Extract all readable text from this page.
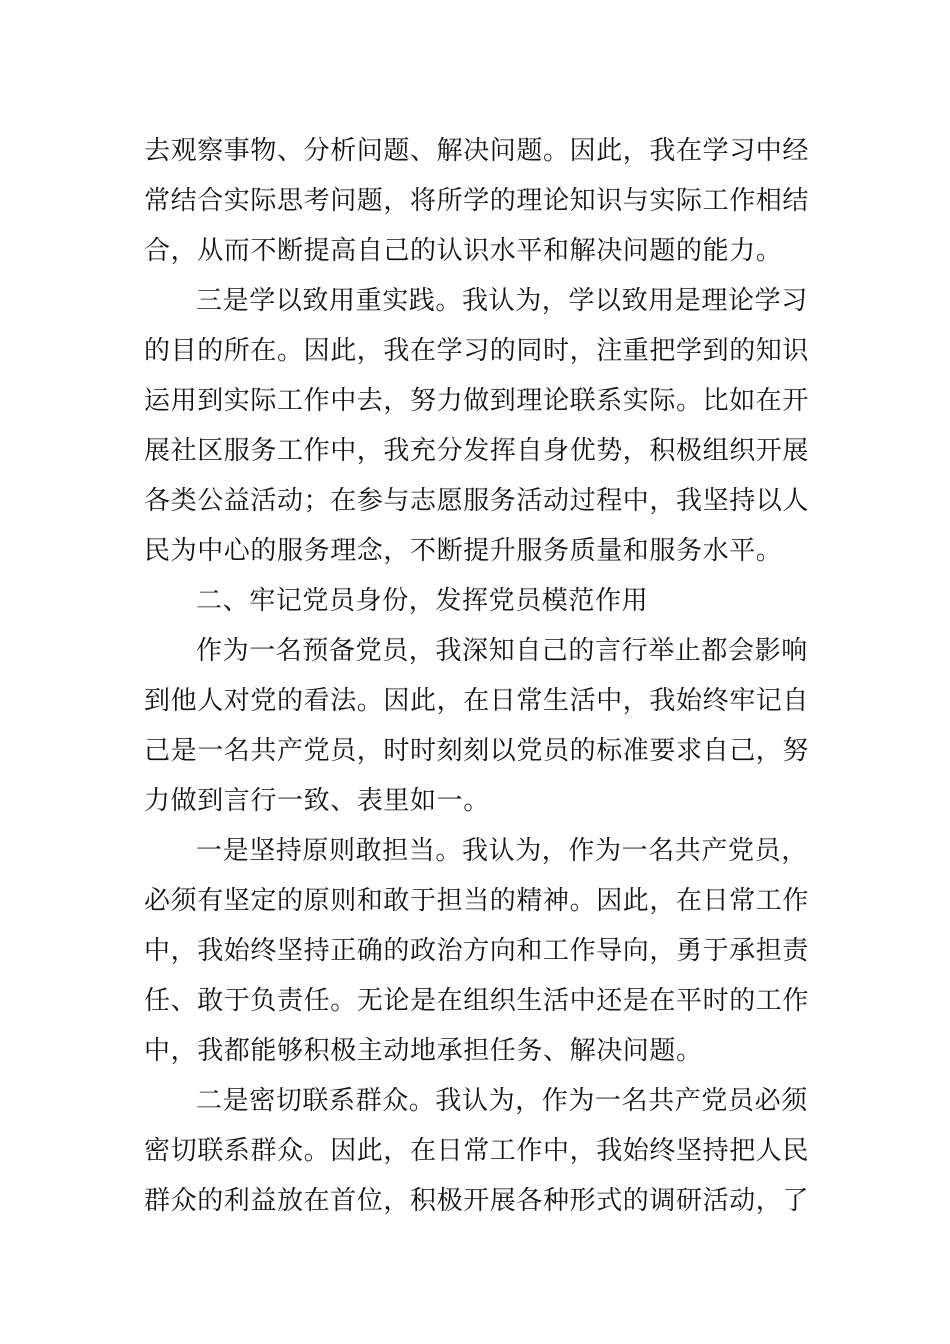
去观察事物、分析问题、解决问题。因此，我在学习中经
常结合实际思考问题，将所学的理论知识与实际工作相结
合，从而不断提高自己的认识水平和解决问题的能力。
三是学以致用重实践。我认为，学以致用是理论学习
的目的所在。因此，我在学习的同时，注重把学到的知识
运用到实际工作中去，努力做到理论联系实际。比如在开
展社区服务工作中，我充分发挥自身优势，积极组织开展
各类公益活动；在参与志愿服务活动过程中，我坚持以人
民为中心的服务理念，不断提升服务质量和服务水平。
二、牢记党员身份，发挥党员模范作用
作为一名预备党员，我深知自己的言行举止都会影响
到他人对党的看法。因此，在日常生活中，我始终牢记自
己是一名共产党员，时时刻刻以党员的标准要求自己，努
力做到言行一致、表里如一。
一是坚持原则敢担当。我认为，作为一名共产党员，
必须有坚定的原则和敢于担当的精神。因此，在日常工作
中，我始终坚持正确的政治方向和工作导向，勇于承担责
任、敢于负责任。无论是在组织生活中还是在平时的工作
中，我都能够积极主动地承担任务、解决问题。
二是密切联系群众。我认为，作为一名共产党员必须
密切联系群众。因此，在日常工作中，我始终坚持把人民
群众的利益放在首位，积极开展各种形式的调研活动，了
